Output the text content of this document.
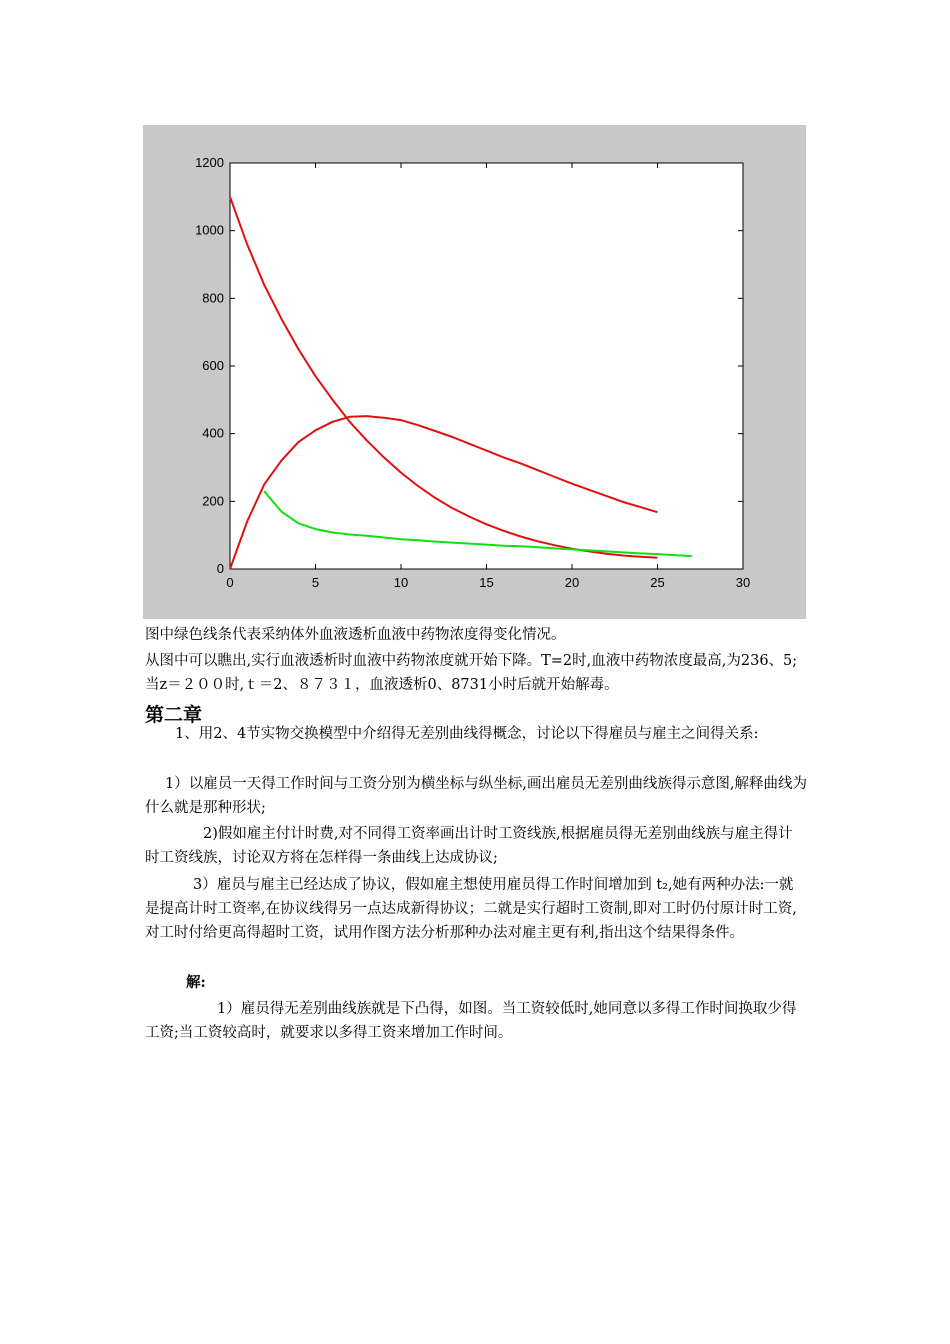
0	5	10	15	20	25	30
0
200
400
600
800
1000
1200

图中绿色线条代表采纳体外血液透析血液中药物浓度得变化情况。

从图中可以瞧出,实行血液透析时血液中药物浓度就开始下降。T=2时,血液中药物浓度最高,为236、5;当z＝２００时,ｔ＝2、８７３１，血液透析0、8731小时后就开始解毒。

第二章

1、用2、4节实物交换模型中介绍得无差别曲线得概念，讨论以下得雇员与雇主之间得关系:

1）以雇员一天得工作时间与工资分别为横坐标与纵坐标,画出雇员无差别曲线族得示意图,解释曲线为什么就是那种形状;

2)假如雇主付计时费,对不同得工资率画出计时工资线族,根据雇员得无差别曲线族与雇主得计时工资线族，讨论双方将在怎样得一条曲线上达成协议;

3）雇员与雇主已经达成了协议，假如雇主想使用雇员得工作时间增加到 t₂,她有两种办法:一就是提高计时工资率,在协议线得另一点达成新得协议；二就是实行超时工资制,即对工时仍付原计时工资,对工时付给更高得超时工资，试用作图方法分析那种办法对雇主更有利,指出这个结果得条件。

解:

1）雇员得无差别曲线族就是下凸得，如图。当工资较低时,她同意以多得工作时间换取少得工资;当工资较高时，就要求以多得工资来增加工作时间。
